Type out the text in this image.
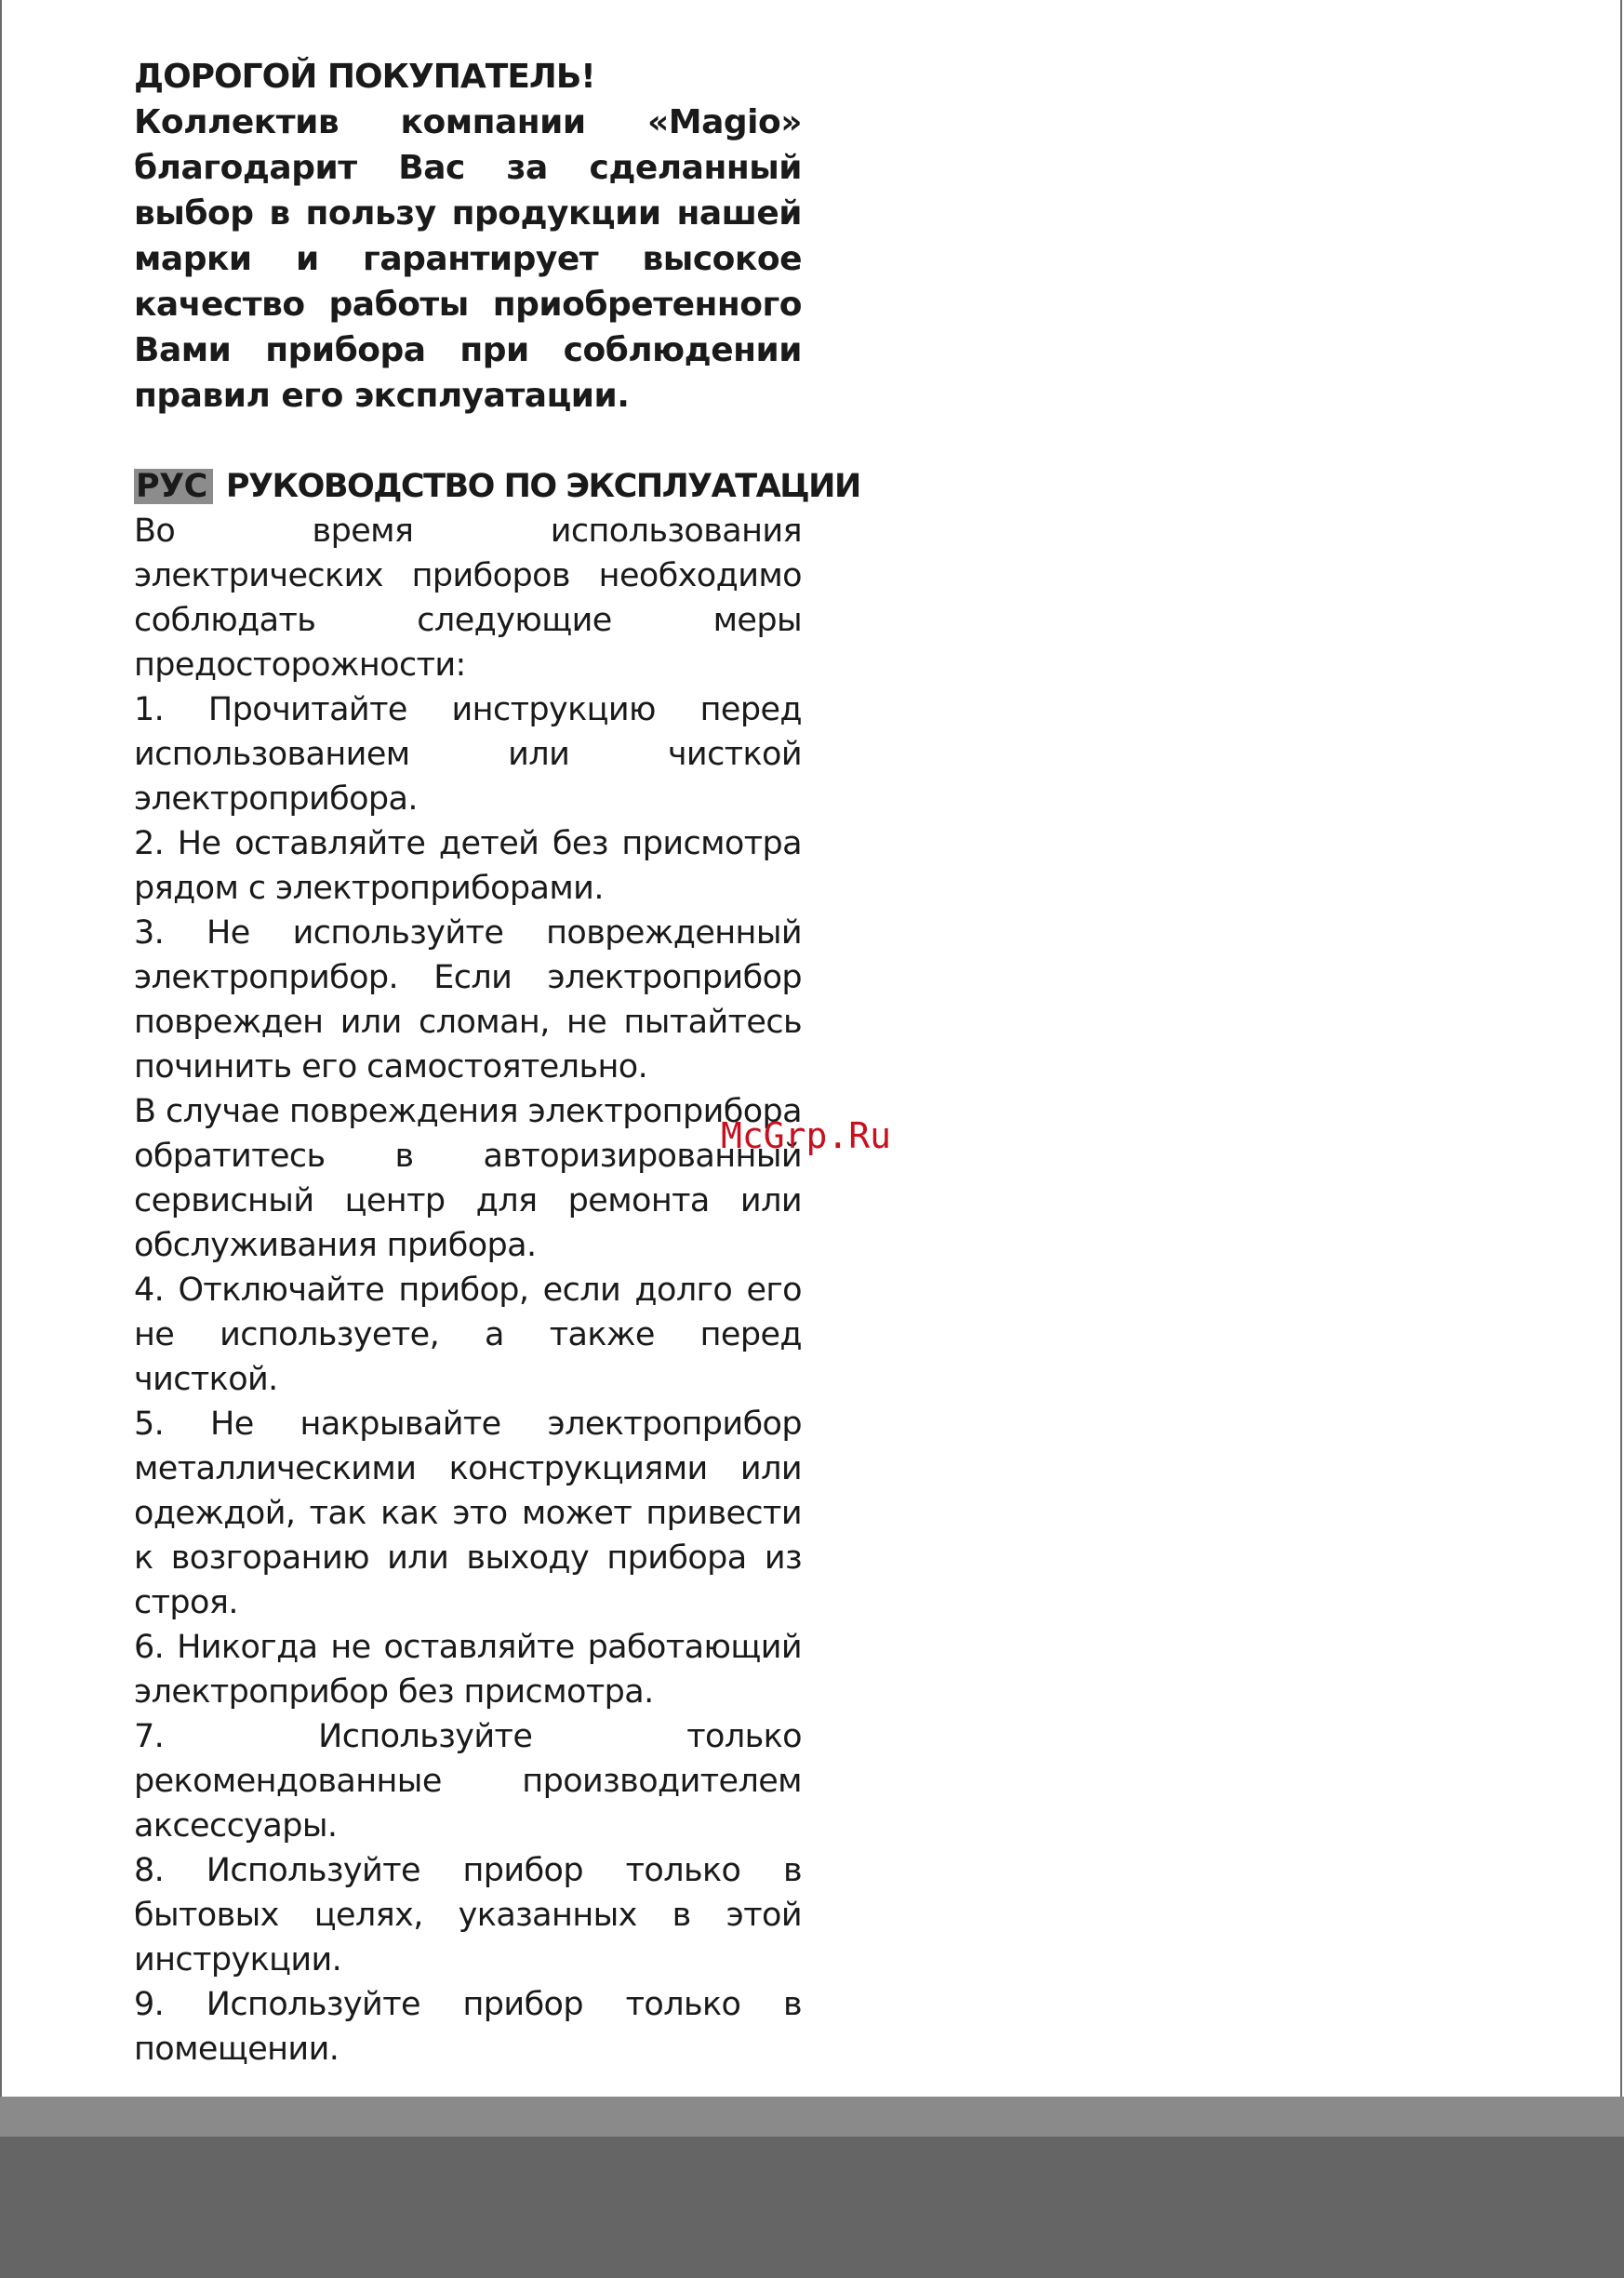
ДОРОГОЙ ПОКУПАТЕЛЬ!

Коллектив компании «Magio» благодарит Вас за сделанный выбор в пользу продукции нашей марки и гарантирует высокое качество работы приобретенного Вами прибора при соблюдении правил его эксплуатации.

РУС РУКОВОДСТВО ПО ЭКСПЛУАТАЦИИ

Во время использования электрических приборов необходимо соблюдать следующие меры предосторожности:

1. Прочитайте инструкцию перед использованием или чисткой электроприбора.

2. Не оставляйте детей без присмотра рядом с электроприборами.

3. Не используйте поврежденный электроприбор. Если электроприбор поврежден или сломан, не пытайтесь починить его самостоятельно.

В случае повреждения электроприбора обратитесь в авторизированный сервисный центр для ремонта или обслуживания прибора.

4. Отключайте прибор, если долго его не используете, а также перед чисткой.

5. Не накрывайте электроприбор металлическими конструкциями или одеждой, так как это может привести к возгоранию или выходу прибора из строя.

6. Никогда не оставляйте работающий электроприбор без присмотра.

7. Используйте только рекомендованные производителем аксессуары.

8. Используйте прибор только в бытовых целях, указанных в этой инструкции.

9. Используйте прибор только в помещении.

McGrp.Ru
